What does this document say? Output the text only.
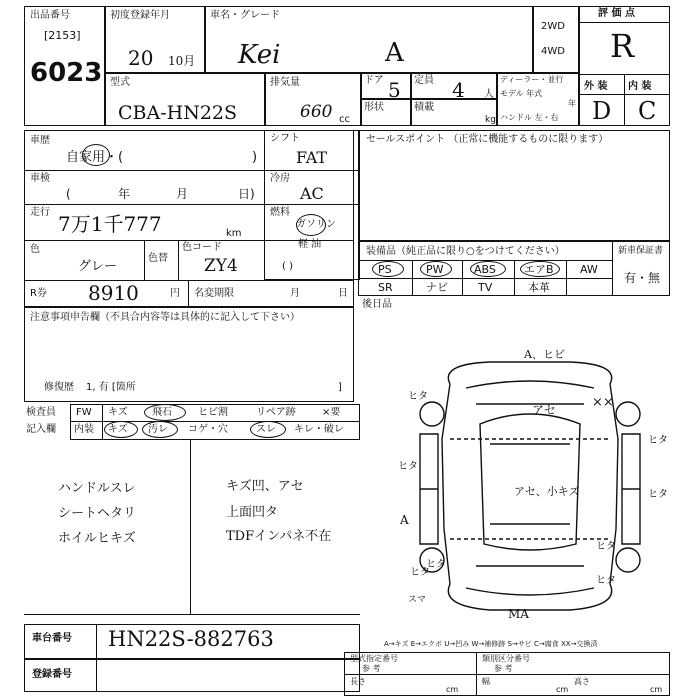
出品番号
[2153]
6023
初度登録年月
20 10月
車名・グレード
Kei	A
2WD
4WD
評 価 点
R
外 装 内 装
D C
型式
CBA-HN22S
排気量
660 cc
ドア 5 定員 4 人
形状	積載
kg
ディーラー・並行
モデル 年式
年
ハンドル 左・右
車歴
自家用・(	)
車検
(	年	月	日)
走行 7万1千777	km
色
グレー
色替
色コード
ZY4
R券 8910	円 名変期限	月	日
シフト
FAT
冷房
AC
燃料
ガソリン
軽 油
( )
セールスポイント （正常に機能するものに限ります）
装備品（純正品に限り○をつけてください）	新車保証書
有・無
PS	PW	ABS	エアB AW
SR	ナビ	TV	本革
後日品
注意事項申告欄（不具合内容等は具体的に記入して下さい）
修復歴 1, 有 [箇所	]
検査員
記入欄
FW キズ 飛石	ヒビ割	リペア跡	×要
内装 キズ 汚レ コゲ・穴	スレ キレ・破レ
ハンドルスレ
シートヘタリ
ホイルヒキズ
キズ凹、アセ
上面凹タ
TDFインパネ不在
A、ヒビ
アセ
ヒタ
ヒタ
ヒタ
アセ、小キズ	ヒタ
ヒタ
ヒタ
A
ヒタ
ヒタ
MA
スマ
××
A→キズ E→エクボ U→凹み W→補修跡 S→サビ C→腐食 XX→交換済
車台番号 HN22S-882763
登録番号
型式指定番号
参 考
類別区分番号
参 考
長さ
cm
幅
cm
高さ
cm
